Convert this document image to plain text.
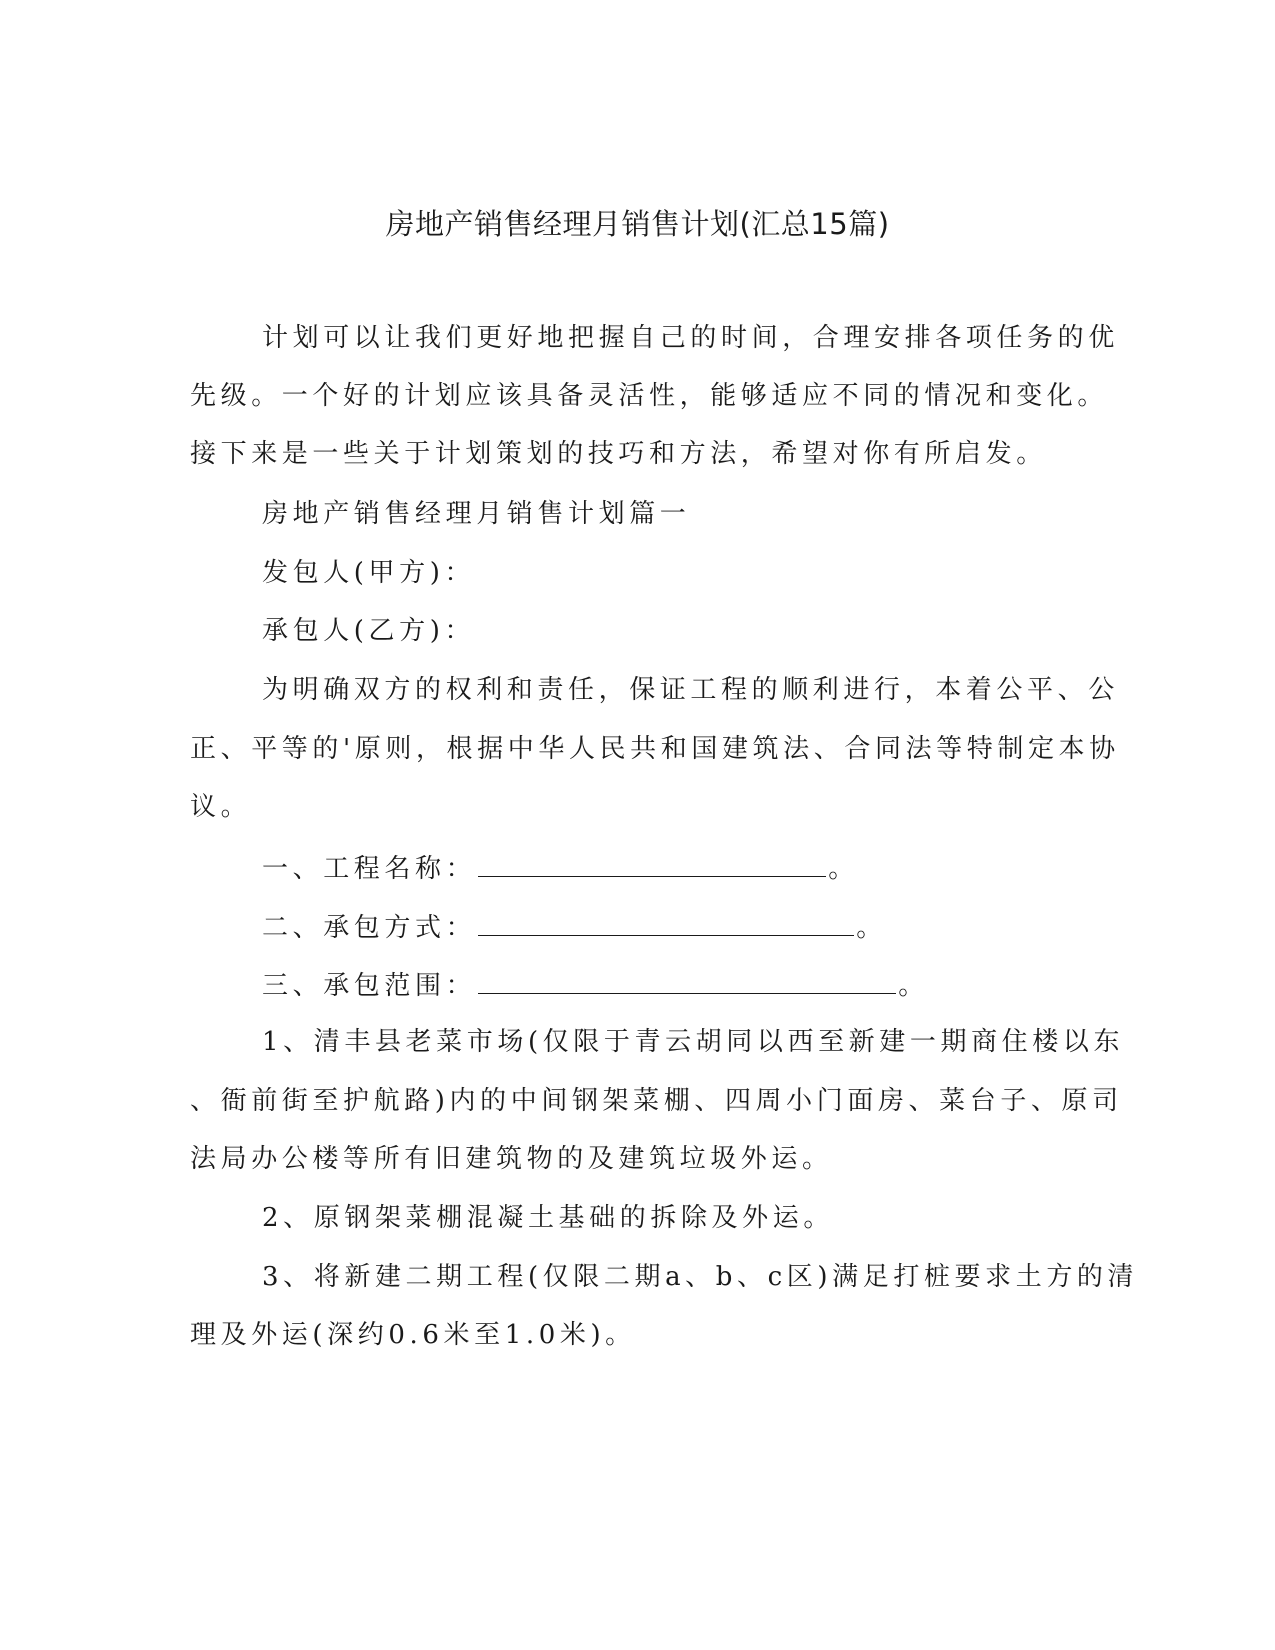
房地产销售经理月销售计划(汇总15篇)
计划可以让我们更好地把握自己的时间，合理安排各项任务的优
先级。一个好的计划应该具备灵活性，能够适应不同的情况和变化。
接下来是一些关于计划策划的技巧和方法，希望对你有所启发。
房地产销售经理月销售计划篇一
发包人(甲方)：
承包人(乙方)：
为明确双方的权利和责任，保证工程的顺利进行，本着公平、公
正、平等的'原则，根据中华人民共和国建筑法、合同法等特制定本协
议。
一、工程名称：	。
二、承包方式：	。
三、承包范围：	。
1、清丰县老菜市场(仅限于青云胡同以西至新建一期商住楼以东
、衙前街至护航路)内的中间钢架菜棚、四周小门面房、菜台子、原司
法局办公楼等所有旧建筑物的及建筑垃圾外运。
2、原钢架菜棚混凝土基础的拆除及外运。
3、将新建二期工程(仅限二期a、b、c区)满足打桩要求土方的清
理及外运(深约0.6米至1.0米)。
